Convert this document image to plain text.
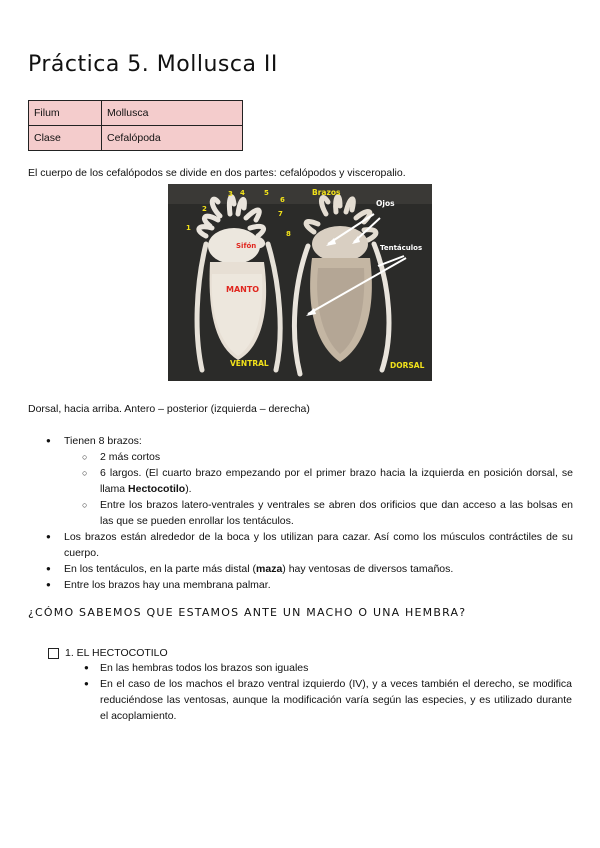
Práctica 5. Mollusca II
Filum	Mollusca
Clase	Cefalópoda
El cuerpo de los cefalópodos se divide en dos partes: cefalópodos y visceropalio.
1
2
3 4	5
6
7
8
Brazos
Ojos
Tentáculos
Sifón
MANTO
VENTRAL	DORSAL
Dorsal, hacia arriba. Antero – posterior (izquierda – derecha)
● Tienen 8 brazos:
○ 2 más cortos
○ 6 largos. (El cuarto brazo empezando por el primer brazo hacia la izquierda en posición dorsal, se llama Hectocotilo).
○ Entre los brazos latero-ventrales y ventrales se abren dos orificios que dan acceso a las bolsas en las que se pueden enrollar los tentáculos.
● Los brazos están alrededor de la boca y los utilizan para cazar. Así como los músculos contráctiles de su cuerpo.
● En los tentáculos, en la parte más distal (maza) hay ventosas de diversos tamaños.
● Entre los brazos hay una membrana palmar.
¿CÓMO SABEMOS QUE ESTAMOS ANTE UN MACHO O UNA HEMBRA?
1. EL HECTOCOTILO
● En las hembras todos los brazos son iguales
● En el caso de los machos el brazo ventral izquierdo (IV), y a veces también el derecho, se modifica reduciéndose las ventosas, aunque la modificación varía según las especies, y es utilizado durante el acoplamiento.
